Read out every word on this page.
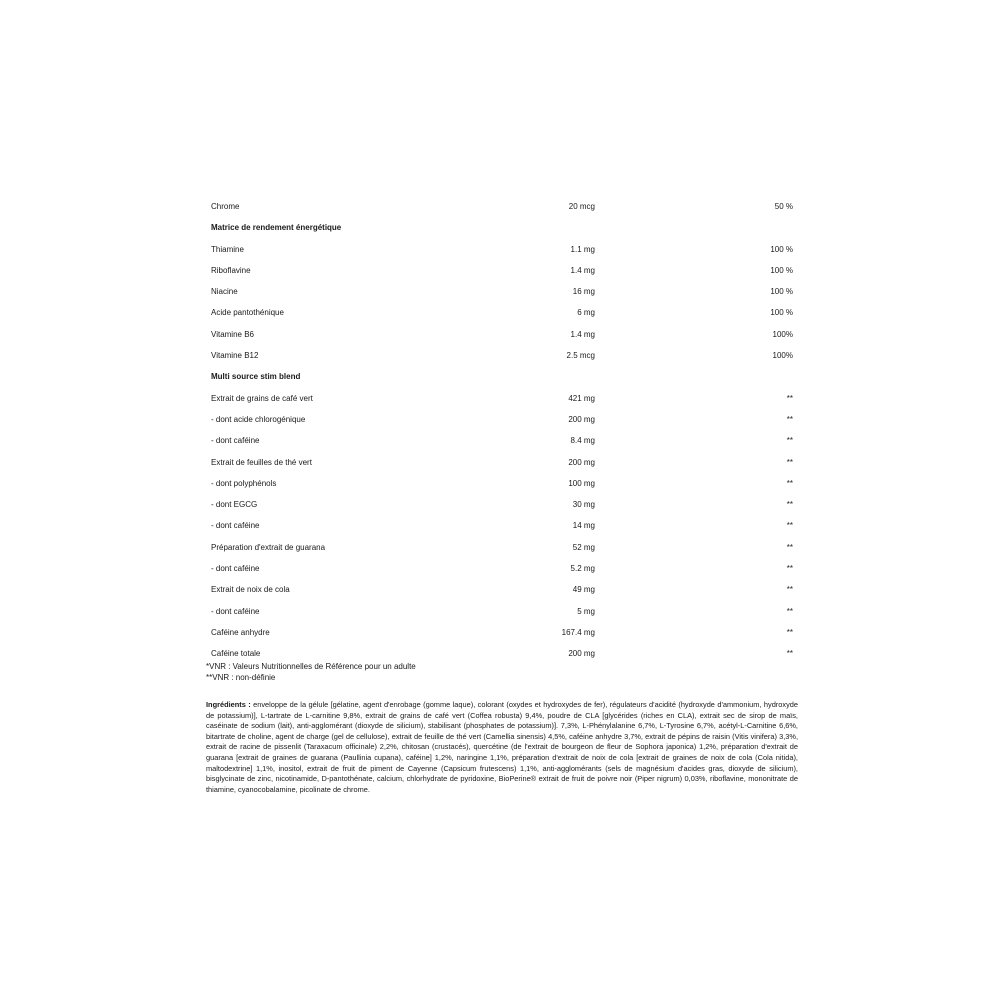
Chrome	20 mcg	50 %
Matrice de rendement énergétique
Thiamine	1.1 mg	100 %
Riboflavine	1.4 mg	100 %
Niacine	16 mg	100 %
Acide pantothénique	6 mg	100 %
Vitamine B6	1.4 mg	100%
Vitamine B12	2.5 mcg	100%
Multi source stim blend
Extrait de grains de café vert	421 mg	**
- dont acide chlorogénique	200 mg	**
- dont caféine	8.4 mg	**
Extrait de feuilles de thé vert	200 mg	**
- dont polyphénols	100 mg	**
- dont EGCG	30 mg	**
- dont caféine	14 mg	**
Préparation d'extrait de guarana	52 mg	**
- dont caféine	5.2 mg	**
Extrait de noix de cola	49 mg	**
- dont caféine	5 mg	**
Caféine anhydre	167.4 mg	**
Caféine totale	200 mg	**
*VNR : Valeurs Nutritionnelles de Référence pour un adulte
**VNR : non-définie
Ingrédients : enveloppe de la gélule [gélatine, agent d'enrobage (gomme laque), colorant (oxydes et hydroxydes de fer), régulateurs d'acidité (hydroxyde d'ammonium, hydroxyde de potassium)], L-tartrate de L-carnitine 9,8%, extrait de grains de café vert (Coffea robusta) 9,4%, poudre de CLA [glycérides (riches en CLA), extrait sec de sirop de maïs, caséinate de sodium (lait), anti-agglomérant (dioxyde de silicium), stabilisant (phosphates de potassium)]. 7,3%, L-Phénylalanine 6,7%, L-Tyrosine 6,7%, acétyl-L-Carnitine 6,6%, bitartrate de choline, agent de charge (gel de cellulose), extrait de feuille de thé vert (Camellia sinensis) 4,5%, caféine anhydre 3,7%, extrait de pépins de raisin (Vitis vinifera) 3,3%, extrait de racine de pissenlit (Taraxacum officinale) 2,2%, chitosan (crustacés), quercétine (de l'extrait de bourgeon de fleur de Sophora japonica) 1,2%, préparation d'extrait de guarana [extrait de graines de guarana (Paullinia cupana), caféine] 1,2%, naringine 1,1%, préparation d'extrait de noix de cola [extrait de graines de noix de cola (Cola nitida), maltodextrine] 1,1%, inositol, extrait de fruit de piment de Cayenne (Capsicum frutescens) 1,1%, anti-agglomérants (sels de magnésium d'acides gras, dioxyde de silicium), bisglycinate de zinc, nicotinamide, D-pantothénate, calcium, chlorhydrate de pyridoxine, BioPerine® extrait de fruit de poivre noir (Piper nigrum) 0,03%, riboflavine, mononitrate de thiamine, cyanocobalamine, picolinate de chrome.
